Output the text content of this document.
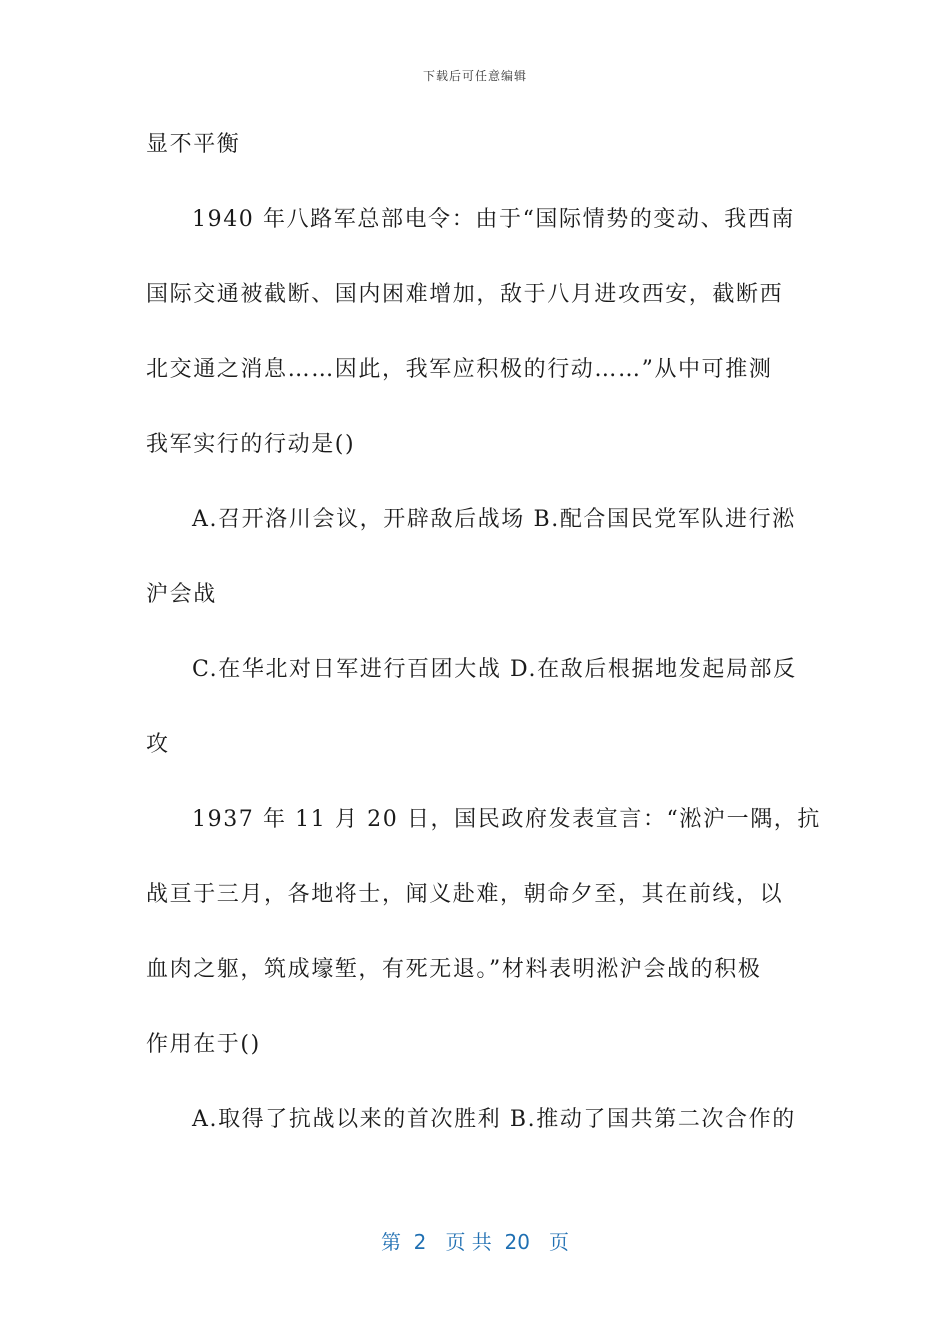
下载后可任意编辑
显不平衡
1940 年八路军总部电令：由于“国际情势的变动、我西南
国际交通被截断、国内困难增加，敌于八月进攻西安，截断西
北交通之消息……因此，我军应积极的行动……”从中可推测
我军实行的行动是()
A.召开洛川会议，开辟敌后战场 B.配合国民党军队进行淞
沪会战
C.在华北对日军进行百团大战 D.在敌后根据地发起局部反
攻
1937 年 11 月 20 日，国民政府发表宣言：“淞沪一隅，抗
战亘于三月，各地将士，闻义赴难，朝命夕至，其在前线，以
血肉之躯，筑成壕堑，有死无退。”材料表明淞沪会战的积极
作用在于()
A.取得了抗战以来的首次胜利 B.推动了国共第二次合作的
第  2   页 共  20   页
